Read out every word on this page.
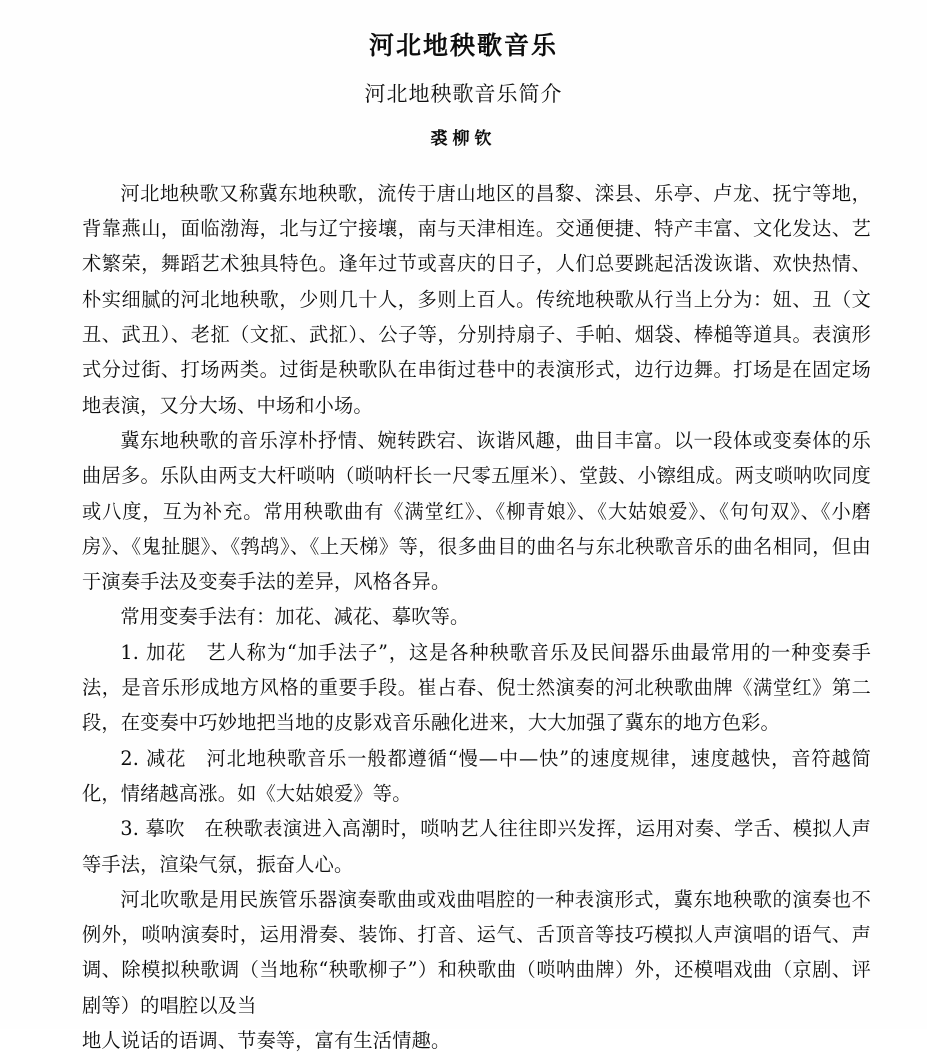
河北地秧歌音乐
河北地秧歌音乐简介
裘柳钦

河北地秧歌又称冀东地秧歌，流传于唐山地区的昌黎、滦县、乐亭、卢龙、抚宁等地，背靠燕山，面临渤海，北与辽宁接壤，南与天津相连。交通便捷、特产丰富、文化发达、艺术繁荣，舞蹈艺术独具特色。逢年过节或喜庆的日子，人们总要跳起活泼诙谐、欢快热情、朴实细腻的河北地秧歌，少则几十人，多则上百人。传统地秧歌从行当上分为：妞、丑（文丑、武丑）、老㧟（文㧟、武㧟）、公子等，分别持扇子、手帕、烟袋、棒槌等道具。表演形式分过街、打场两类。过街是秧歌队在串街过巷中的表演形式，边行边舞。打场是在固定场地表演，又分大场、中场和小场。

冀东地秧歌的音乐淳朴抒情、婉转跌宕、诙谐风趣，曲目丰富。以一段体或变奏体的乐曲居多。乐队由两支大杆唢呐（唢呐杆长一尺零五厘米）、堂鼓、小镲组成。两支唢呐吹同度或八度，互为补充。常用秧歌曲有《满堂红》、《柳青娘》、《大姑娘爱》、《句句双》、《小磨房》、《鬼扯腿》、《鹁鸪》、《上天梯》等，很多曲目的曲名与东北秧歌音乐的曲名相同，但由于演奏手法及变奏手法的差异，风格各异。

常用变奏手法有：加花、减花、摹吹等。

1. 加花　艺人称为“加手法子”，这是各种秧歌音乐及民间器乐曲最常用的一种变奏手法，是音乐形成地方风格的重要手段。崔占春、倪士然演奏的河北秧歌曲牌《满堂红》第二段，在变奏中巧妙地把当地的皮影戏音乐融化进来，大大加强了冀东的地方色彩。

2. 减花　河北地秧歌音乐一般都遵循“慢—中—快”的速度规律，速度越快，音符越简化，情绪越高涨。如《大姑娘爱》等。

3. 摹吹　在秧歌表演进入高潮时，唢呐艺人往往即兴发挥，运用对奏、学舌、模拟人声等手法，渲染气氛，振奋人心。

河北吹歌是用民族管乐器演奏歌曲或戏曲唱腔的一种表演形式，冀东地秧歌的演奏也不例外，唢呐演奏时，运用滑奏、装饰、打音、运气、舌顶音等技巧模拟人声演唱的语气、声调、除模拟秧歌调（当地称“秧歌柳子”）和秧歌曲（唢呐曲牌）外，还模唱戏曲（京剧、评剧等）的唱腔以及当

地人说话的语调、节奏等，富有生活情趣。
